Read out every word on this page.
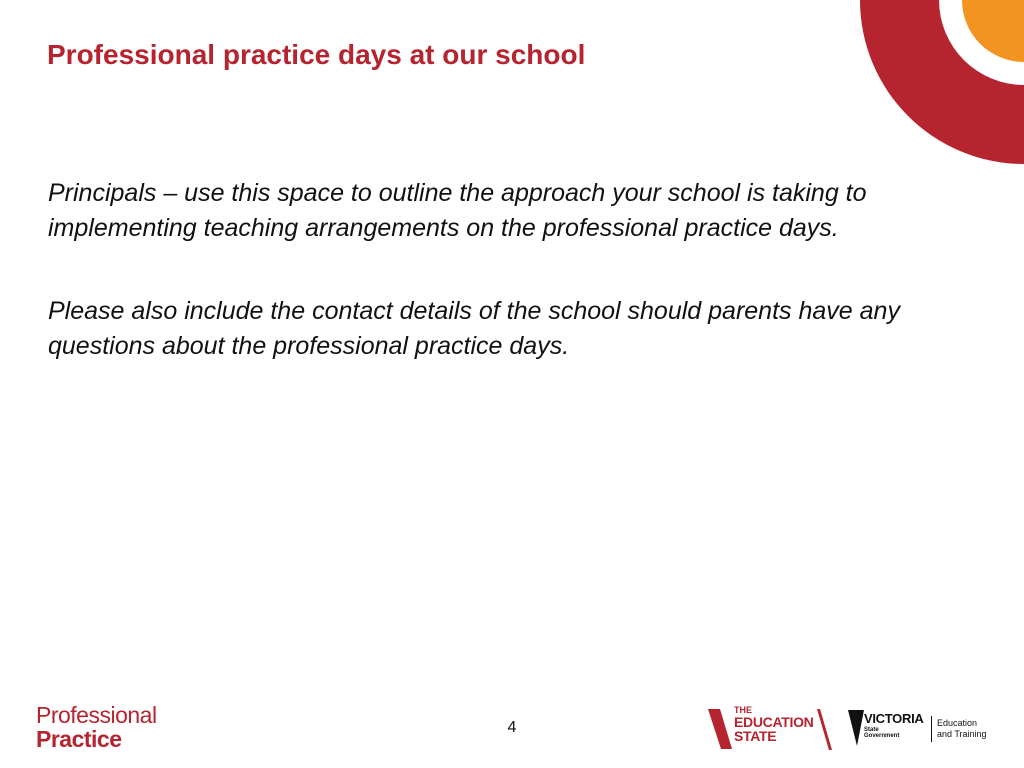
Professional practice days at our school

Principals – use this space to outline the approach your school is taking to implementing teaching arrangements on the professional practice days.

Please also include the contact details of the school should parents have any questions about the professional practice days.

Professional
Practice	4
THE
EDUCATION
STATE
VICTORIA
State
Government
Education
and Training
